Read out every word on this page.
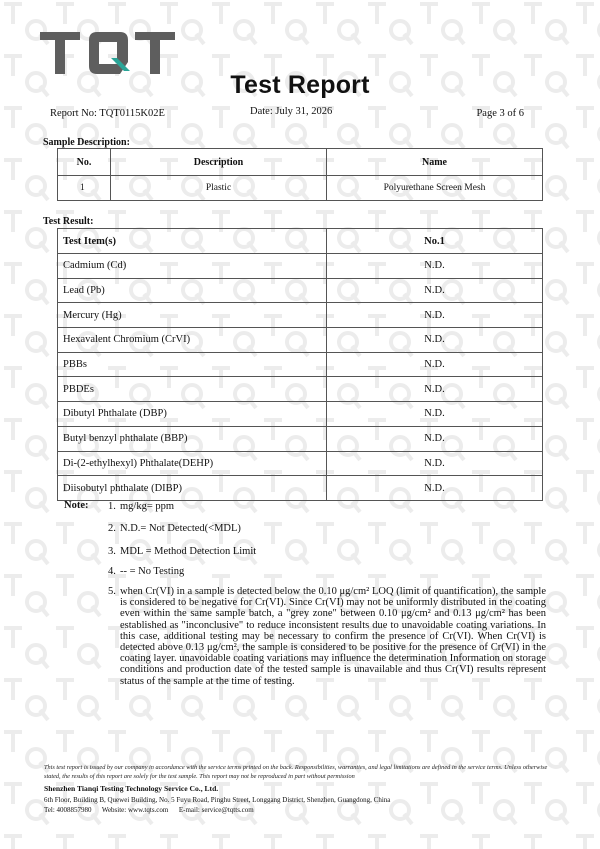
Test Report
Report No: TQT0115K02E	Date: July 31, 2026	Page 3 of 6
Sample Description:
No.	Description	Name
1	Plastic	Polyurethane Screen Mesh
Test Result:
Test Item(s)	No.1
Cadmium (Cd)	N.D.
Lead (Pb)	N.D.
Mercury (Hg)	N.D.
Hexavalent Chromium (CrVI)	N.D.
PBBs	N.D.
PBDEs	N.D.
Dibutyl Phthalate (DBP)	N.D.
Butyl benzyl phthalate (BBP)	N.D.
Di-(2-ethylhexyl) Phthalate(DEHP)	N.D.
Diisobutyl phthalate (DIBP)	N.D.
Note: 1. mg/kg= ppm
2. N.D.= Not Detected(<MDL)
3. MDL = Method Detection Limit
4. -- = No Testing
5. when Cr(VI) in a sample is detected below the 0.10 μg/cm² LOQ (limit of quantification), the sample is considered to be negative for Cr(VI). Since Cr(VI) may not be uniformly distributed in the coating even within the same sample batch, a "grey zone" between 0.10 μg/cm² and 0.13 μg/cm² has been established as "inconclusive" to reduce inconsistent results due to unavoidable coating variations. In this case, additional testing may be necessary to confirm the presence of Cr(VI). When Cr(VI) is detected above 0.13 μg/cm², the sample is considered to be positive for the presence of Cr(VI) in the coating layer. unavoidable coating variations may influence the determination Information on storage conditions and production date of the tested sample is unavailable and thus Cr(VI) results represent status of the sample at the time of testing.
This test report is issued by our company in accordance with the service terms printed on the back. Responsibilities, warranties, and legal limitations are defined in the service terms. Unless otherwise stated, the results of this report are solely for the test sample. This report may not be reproduced in part without permission
Shenzhen Tianqi Testing Technology Service Co., Ltd.
6th Floor, Building B, Quewei Building, No. 5 Fuyu Road, Pinghu Street, Longgang District, Shenzhen, Guangdong, China
Tel: 4008857980      Website: www.tqts.com      E-mail: service@tqtts.com
